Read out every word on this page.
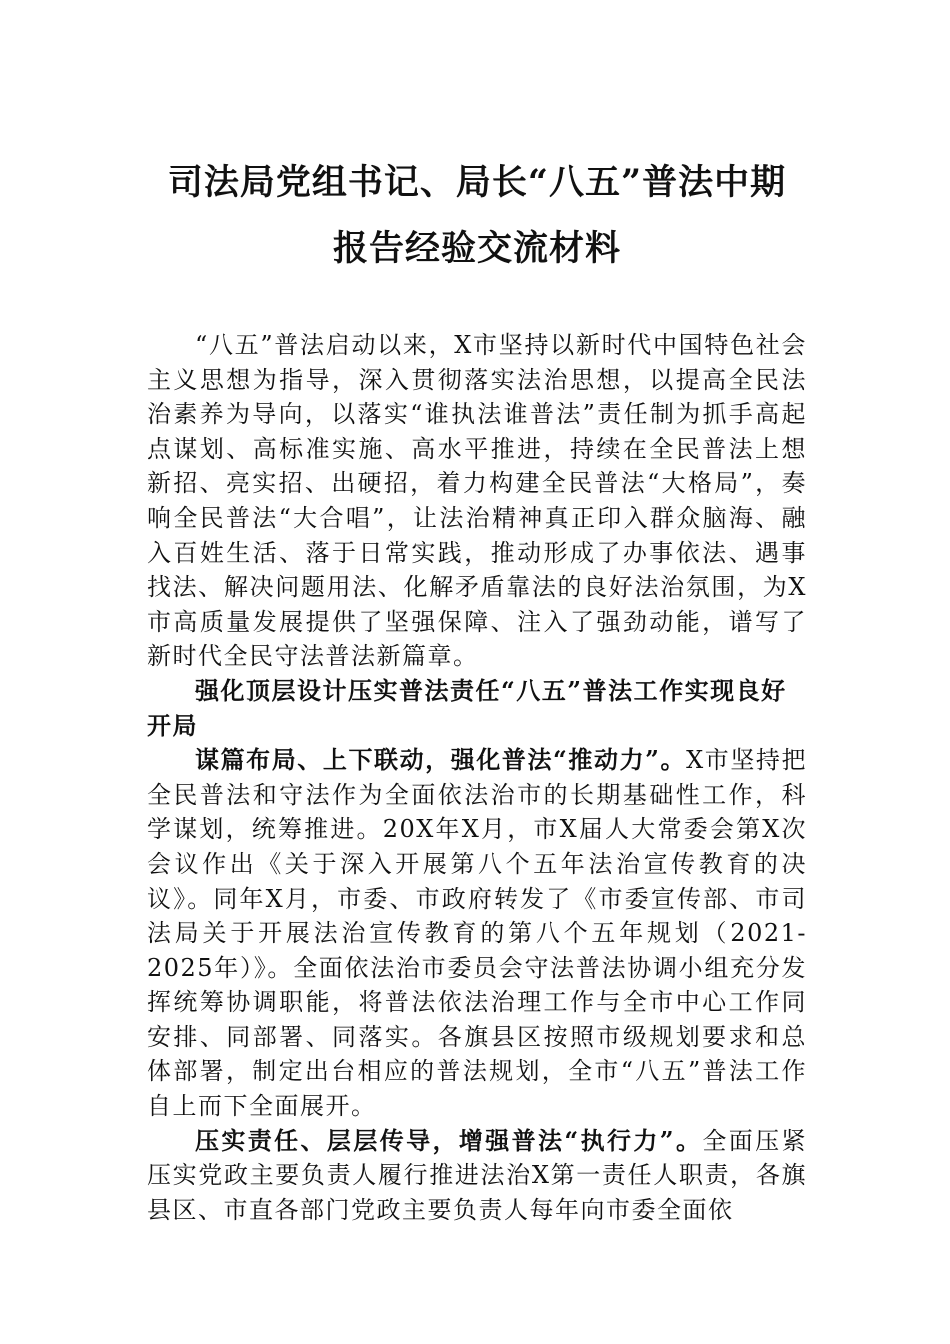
司法局党组书记、局长“八五”普法中期
报告经验交流材料

“八五”普法启动以来，X市坚持以新时代中国特色社会主义思想为指导，深入贯彻落实法治思想，以提高全民法治素养为导向，以落实“谁执法谁普法”责任制为抓手高起点谋划、高标准实施、高水平推进，持续在全民普法上想新招、亮实招、出硬招，着力构建全民普法“大格局”，奏响全民普法“大合唱”，让法治精神真正印入群众脑海、融入百姓生活、落于日常实践，推动形成了办事依法、遇事找法、解决问题用法、化解矛盾靠法的良好法治氛围，为X市高质量发展提供了坚强保障、注入了强劲动能，谱写了新时代全民守法普法新篇章。

强化顶层设计压实普法责任“八五”普法工作实现良好开局

谋篇布局、上下联动，强化普法“推动力”。X市坚持把全民普法和守法作为全面依法治市的长期基础性工作，科学谋划，统筹推进。20X年X月，市X届人大常委会第X次会议作出《关于深入开展第八个五年法治宣传教育的决议》。同年X月，市委、市政府转发了《市委宣传部、市司法局关于开展法治宣传教育的第八个五年规划（2021-2025年）》。全面依法治市委员会守法普法协调小组充分发挥统筹协调职能，将普法依法治理工作与全市中心工作同安排、同部署、同落实。各旗县区按照市级规划要求和总体部署，制定出台相应的普法规划，全市“八五”普法工作自上而下全面展开。

压实责任、层层传导，增强普法“执行力”。全面压紧压实党政主要负责人履行推进法治X第一责任人职责，各旗县区、市直各部门党政主要负责人每年向市委全面依
